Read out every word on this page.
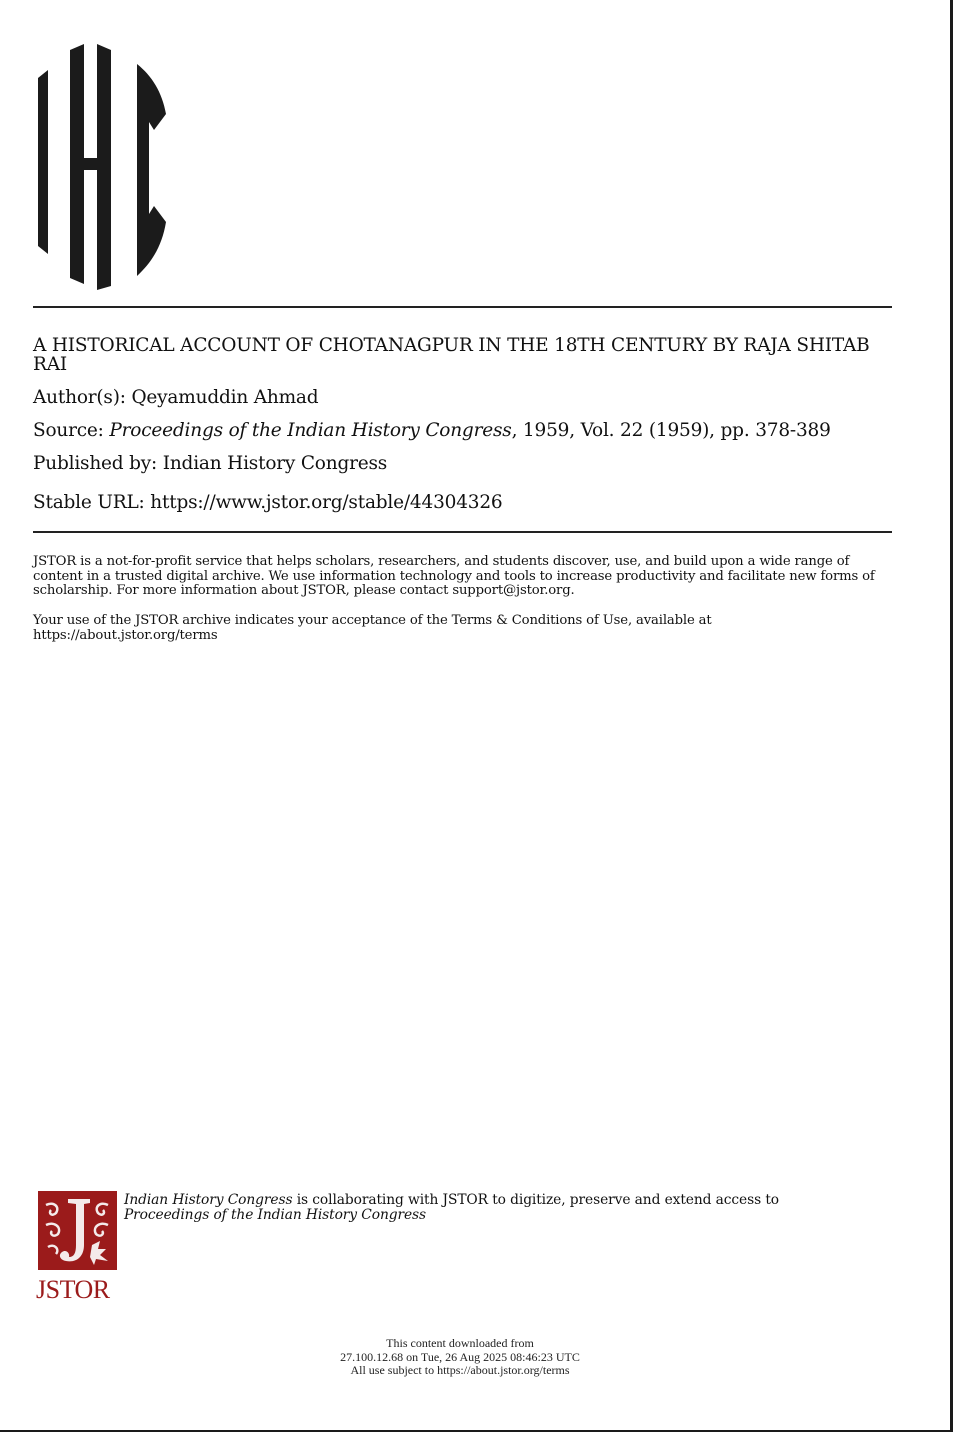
A HISTORICAL ACCOUNT OF CHOTANAGPUR IN THE 18TH CENTURY BY RAJA SHITAB RAI
Author(s): Qeyamuddin Ahmad
Source: Proceedings of the Indian History Congress, 1959, Vol. 22 (1959), pp. 378-389
Published by: Indian History Congress
Stable URL: https://www.jstor.org/stable/44304326
JSTOR is a not-for-profit service that helps scholars, researchers, and students discover, use, and build upon a wide range of content in a trusted digital archive. We use information technology and tools to increase productivity and facilitate new forms of scholarship. For more information about JSTOR, please contact support@jstor.org.
Your use of the JSTOR archive indicates your acceptance of the Terms & Conditions of Use, available at https://about.jstor.org/terms
JSTOR
Indian History Congress is collaborating with JSTOR to digitize, preserve and extend access to
Proceedings of the Indian History Congress
This content downloaded from
27.100.12.68 on Tue, 26 Aug 2025 08:46:23 UTC
All use subject to https://about.jstor.org/terms
